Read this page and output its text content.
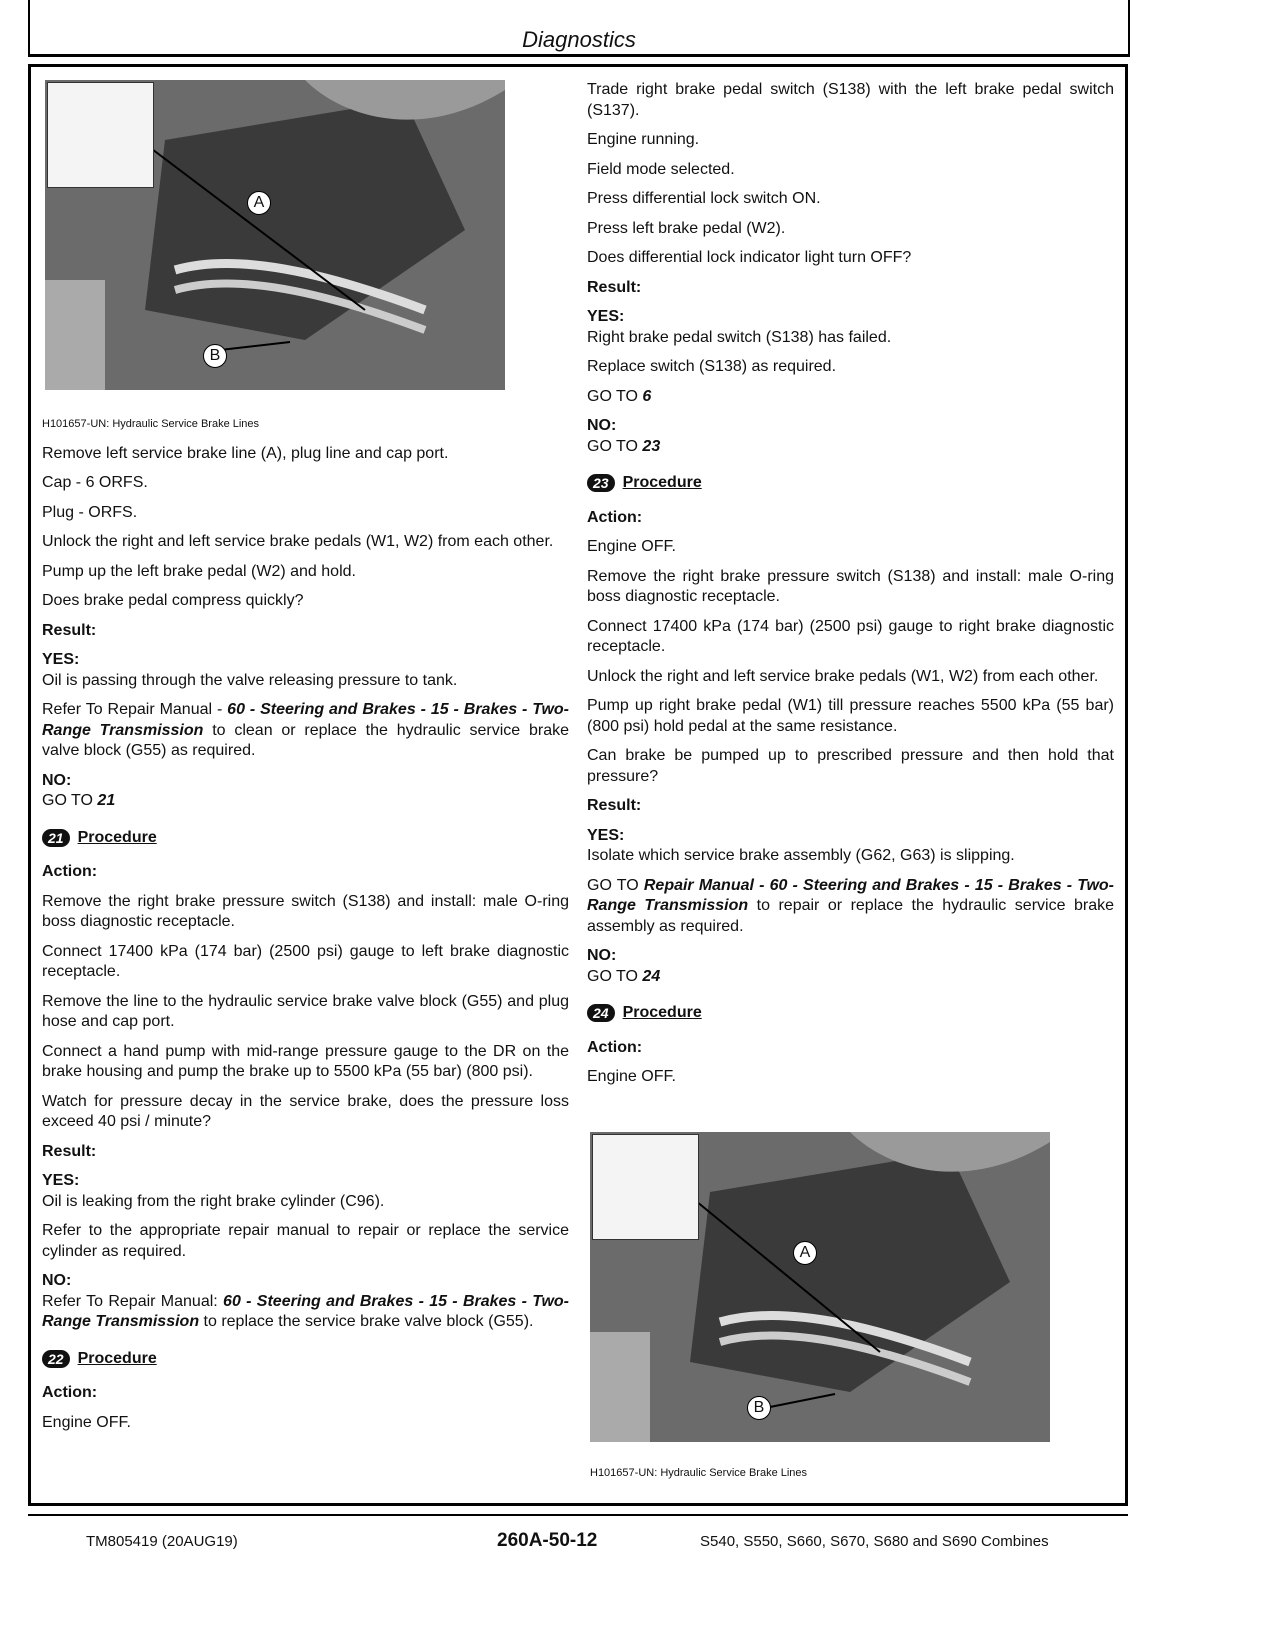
Diagnostics
A
B

H101657-UN: Hydraulic Service Brake Lines

Remove left service brake line (A), plug line and cap port.

Cap - 6 ORFS.

Plug - ORFS.

Unlock the right and left service brake pedals (W1, W2) from each other.

Pump up the left brake pedal (W2) and hold.

Does brake pedal compress quickly?

Result:

YES:

Oil is passing through the valve releasing pressure to tank.

Refer To Repair Manual - 60 - Steering and Brakes - 15 - Brakes - Two-Range Transmission to clean or replace the hydraulic service brake valve block (G55) as required.

NO:

GO TO 21

21 Procedure

Action:

Remove the right brake pressure switch (S138) and install: male O-ring boss diagnostic receptacle.

Connect 17400 kPa (174 bar) (2500 psi) gauge to left brake diagnostic receptacle.

Remove the line to the hydraulic service brake valve block (G55) and plug hose and cap port.

Connect a hand pump with mid-range pressure gauge to the DR on the brake housing and pump the brake up to 5500 kPa (55 bar) (800 psi).

Watch for pressure decay in the service brake, does the pressure loss exceed 40 psi / minute?

Result:

YES:

Oil is leaking from the right brake cylinder (C96).

Refer to the appropriate repair manual to repair or replace the service cylinder as required.

NO:

Refer To Repair Manual: 60 - Steering and Brakes - 15 - Brakes - Two-Range Transmission to replace the service brake valve block (G55).

22 Procedure

Action:

Engine OFF.

Trade right brake pedal switch (S138) with the left brake pedal switch (S137).

Engine running.

Field mode selected.

Press differential lock switch ON.

Press left brake pedal (W2).

Does differential lock indicator light turn OFF?

Result:

YES:

Right brake pedal switch (S138) has failed.

Replace switch (S138) as required.

GO TO 6

NO:

GO TO 23

23 Procedure

Action:

Engine OFF.

Remove the right brake pressure switch (S138) and install: male O-ring boss diagnostic receptacle.

Connect 17400 kPa (174 bar) (2500 psi) gauge to right brake diagnostic receptacle.

Unlock the right and left service brake pedals (W1, W2) from each other.

Pump up right brake pedal (W1) till pressure reaches 5500 kPa (55 bar) (800 psi) hold pedal at the same resistance.

Can brake be pumped up to prescribed pressure and then hold that pressure?

Result:

YES:

Isolate which service brake assembly (G62, G63) is slipping.

GO TO Repair Manual - 60 - Steering and Brakes - 15 - Brakes - Two-Range Transmission to repair or replace the hydraulic service brake assembly as required.

NO:

GO TO 24

24 Procedure

Action:

Engine OFF.

A
B

H101657-UN: Hydraulic Service Brake Lines

TM805419 (20AUG19)	260A-50-12	S540, S550, S660, S670, S680 and S690 Combines
